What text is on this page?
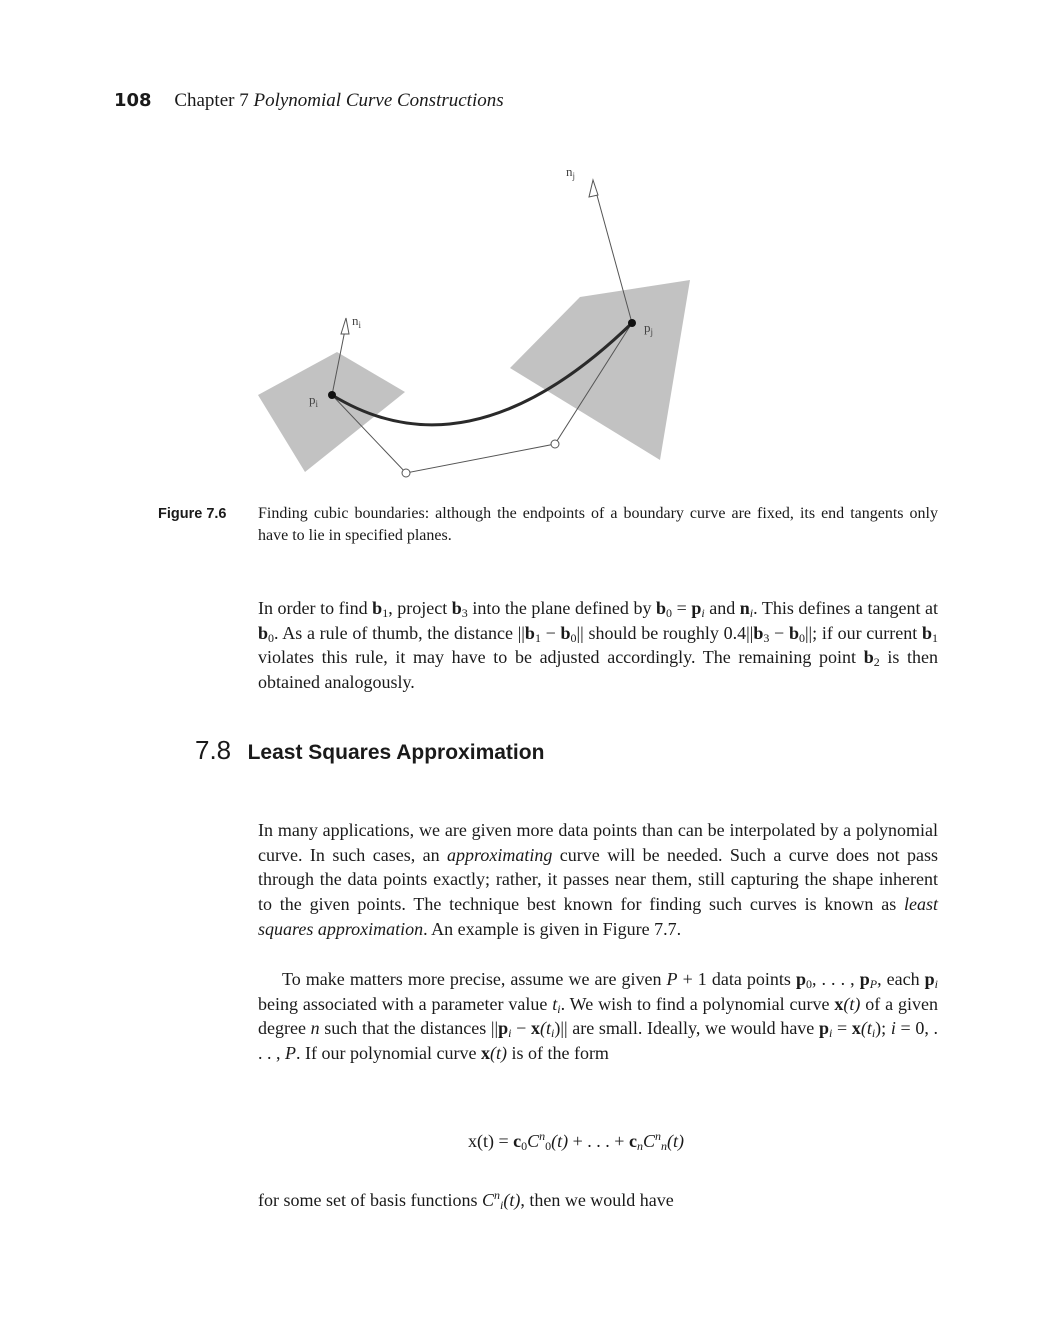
108 Chapter 7 Polynomial Curve Constructions
$n_j$
$n_i$	$p_j$
$p_i$
Figure 7.6 Finding cubic boundaries: although the endpoints of a boundary curve are fixed, its end tangents only have to lie in specified planes.
In order to find $b_1$, project $b_3$ into the plane defined by $b_0 = p_i$ and $n_i$. This defines a tangent at $b_0$. As a rule of thumb, the distance $||b_1 - b_0||$ should be roughly $0.4||b_3 - b_0||$; if our current $b_1$ violates this rule, it may have to be adjusted accordingly. The remaining point $b_2$ is then obtained analogously.
7.8 Least Squares Approximation
In many applications, we are given more data points than can be interpolated by a polynomial curve. In such cases, an approximating curve will be needed. Such a curve does not pass through the data points exactly; rather, it passes near them, still capturing the shape inherent to the given points. The technique best known for finding such curves is known as least squares approximation. An example is given in Figure 7.7.
To make matters more precise, assume we are given P + 1 data points $p_0$, . . . , $p_P$, each $p_i$ being associated with a parameter value $t_i$. We wish to find a polynomial curve x(t) of a given degree n such that the distances $||p_i - x(t_i)||$ are small. Ideally, we would have $p_i = x(t_i)$; i = 0, . . . , P. If our polynomial curve x(t) is of the form
$x(t) = c_0C^n_0(t)$ + . . . + $c_nC^n_n(t)$
for some set of basis functions $C^n_i(t)$, then we would have
